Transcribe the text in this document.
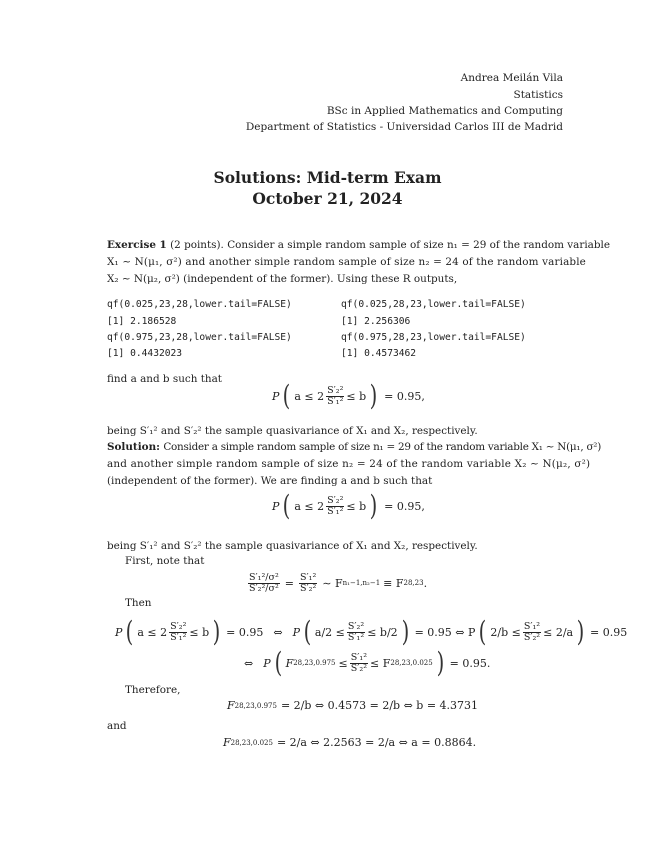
Andrea Meilán Vila
Statistics
BSc in Applied Mathematics and Computing
Department of Statistics - Universidad Carlos III de Madrid
Solutions: Mid-term Exam
October 21, 2024
Exercise 1 (2 points). Consider a simple random sample of size n₁ = 29 of the random variable
X₁ ∼ N(μ₁, σ²) and another simple random sample of size n₂ = 24 of the random variable
X₂ ∼ N(μ₂, σ²) (independent of the former). Using these R outputs,
qf(0.025,23,28,lower.tail=FALSE)
[1] 2.186528
qf(0.975,23,28,lower.tail=FALSE)
[1] 0.4432023
qf(0.025,28,23,lower.tail=FALSE)
[1] 2.256306
qf(0.975,28,23,lower.tail=FALSE)
[1] 0.4573462
find a and b such that
P ( $a \le 2 \frac{\text{S′₂²}}{\text{S′₁²}} \le b$ ) = 0.95,
being S′₁² and S′₂² the sample quasivariance of X₁ and X₂, respectively.
Solution: Consider a simple random sample of size n₁ = 29 of the random variable X₁ ∼ N(μ₁, σ²)
and another simple random sample of size n₂ = 24 of the random variable X₂ ∼ N(μ₂, σ²)
(independent of the former). We are finding a and b such that
P ( $a \le 2 \frac{\text{S′₂²}}{\text{S′₁²}} \le b$ ) = 0.95,
being S′₁² and S′₂² the sample quasivariance of X₁ and X₂, respectively.
First, note that
$\frac{\text{S′₁²/σ²}}{\text{S′₂²/σ²}} = \frac{\text{S′₁²}}{\text{S′₂²}}$ ∼ F n₁−1,n₂−1 ≡ F 28,23 .
Then
P ( $a \le 2 \frac{\text{S′₂²}}{\text{S′₁²}} \le b$ ) = 0.95 ⇔ P ( $a/2 \le \frac{\text{S′₂²}}{\text{S′₁²}} \le b/2$ ) = 0.95 ⇔ P ( $2/b \le \frac{\text{S′₁²}}{\text{S′₂²}} \le 2/a$ ) = 0.95
⇔ P ( F $28,23,0.975 \le \frac{\text{S′₁²}}{\text{S′₂²}} \le F$ 28,23,0.025 ) = 0.95.
Therefore,
F 28,23,0.975 = 2/b ⇔ 0.4573 = 2/b ⇔ b = 4.3731
and
F 28,23,0.025 = 2/a ⇔ 2.2563 = 2/a ⇔ a = 0.8864.
